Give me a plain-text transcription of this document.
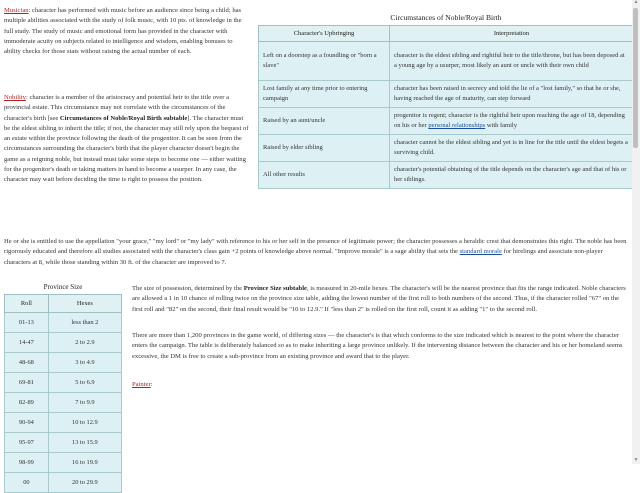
Musician: character has performed with music before an audience since being a child; has multiple abilities associated with the study of folk music, with 10 pts. of knowledge in the full study. The study of music and emotional form has provided in the character with immoderate acuity on subjects related to intelligence and wisdom, enabling bonuses to ability checks for those stats without raising the actual number of each.

Circumstances of Noble/Royal Birth
Character's Upbringing	Interpretation
Left on a doorstep as a foundling or "born a slave"	character is the eldest sibling and rightful heir to the title/throne, but has been deposed at a young age by a usurper, most likely an aunt or uncle with their own child
Lost family at any time prior to entering campaign	character has been raised in secrecy and told the lie of a "lost family," so that he or she, having reached the age of maturity, can step forward
Raised by an aunt/uncle	progenitor is regent; character is the rightful heir upon reaching the age of 18, depending on his or her personal relationships with family
Raised by elder sibling	character cannot be the eldest sibling and yet is in line for the title until the eldest begets a surviving child.
All other results	character's potential obtaining of the title depends on the character's age and that of his or her siblings.

Nobility: character is a member of the aristocracy and potential heir to the title over a provincial estate. This circumstance may not correlate with the circumstances of the character's birth [see Circumstances of Noble/Royal Birth subtable]. The character must be the eldest sibling to inherit the title; if not, the character may still rely upon the bequest of an estate within the province following the death of the progenitor. It can be seen from the circumstances surrounding the character's birth that the player character doesn't begin the game as a reigning noble, but instead must take some steps to become one — either waiting for the progenitor's death or taking matters in hand to become a usurper. In any case, the character may wait before deciding the time is right to possess the position.

He or she is entitled to use the appellation "your grace," "my lord" or "my lady" with reference to his or her self in the presence of legitimate power; the character possesses a heraldic crest that demonstrates this right. The noble has been rigorously educated and therefore all studies associated with the character's class gain +2 points of knowledge above normal. "Improve morale" is a sage ability that sets the standard morale for hirelings and associate non-player characters at 8, while those standing within 30 ft. of the character are improved to 7.

Province Size
Roll	Hexes
01-13	less than 2
14-47	2 to 2.9
48-68	3 to 4.9
69-81	5 to 6.9
82-89	7 to 9.9
90-94	10 to 12.9
95-97	13 to 15.9
98-99	16 to 19.9
00	20 to 29.9

The size of possession, determined by the Province Size subtable, is measured in 20-mile hexes. The character's will be the nearest province that fits the range indicated. Noble characters are allowed a 1 in 10 chance of rolling twice on the province size table, adding the lowest number of the first roll to both numbers of the second. Thus, if the character rolled "67" on the first roll and "82" on the second, their final result would be "10 to 12.9." If "less than 2" is rolled on the first roll, count it as adding "1" to the second roll.

There are more than 1,200 provinces in the game world, of differing sizes — the character's is that which conforms to the size indicated which is nearest to the point where the character enters the campaign. The table is deliberately balanced so as to make inheriting a large province unlikely. If the intervening distance between the character and his or her homeland seems excessive, the DM is free to create a sub-province from an existing province and award that to the player.

Painter:

▲
▼
